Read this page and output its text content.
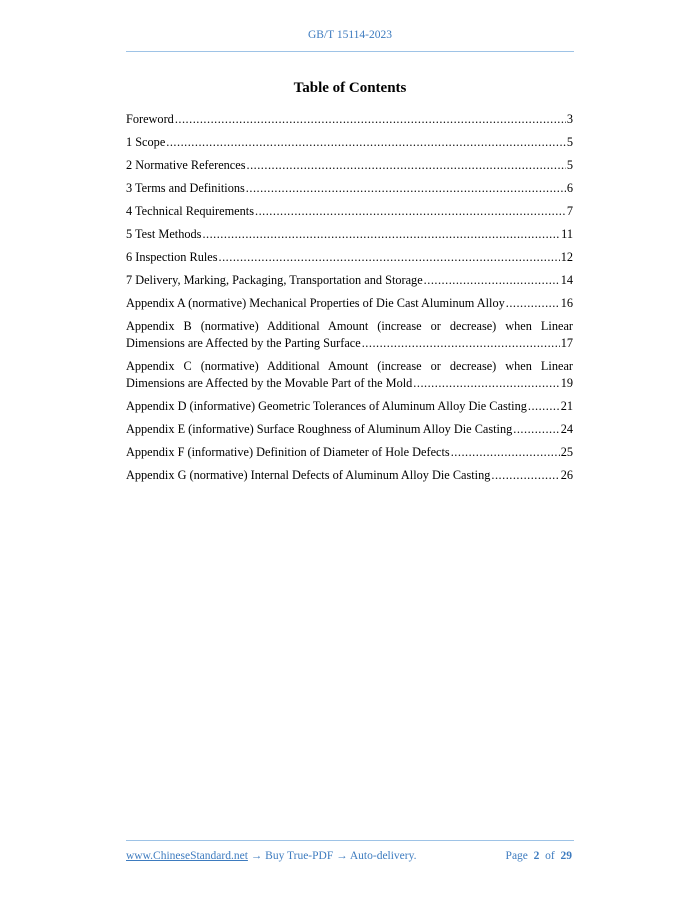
GB/T 15114-2023
Table of Contents
Foreword .....	3
1 Scope .....	5
2 Normative References .....	5
3 Terms and Definitions .....	6
4 Technical Requirements .....	7
5 Test Methods .....	11
6 Inspection Rules .....	12
7 Delivery, Marking, Packaging, Transportation and Storage .....	14
Appendix A (normative) Mechanical Properties of Die Cast Aluminum Alloy .....	16
Appendix B (normative) Additional Amount (increase or decrease) when Linear
Dimensions are Affected by the Parting Surface .....	17
Appendix C (normative) Additional Amount (increase or decrease) when Linear
Dimensions are Affected by the Movable Part of the Mold .....	19
Appendix D (informative) Geometric Tolerances of Aluminum Alloy Die Casting .....	21
Appendix E (informative) Surface Roughness of Aluminum Alloy Die Casting .....	24
Appendix F (informative) Definition of Diameter of Hole Defects .....	25
Appendix G (normative) Internal Defects of Aluminum Alloy Die Casting .....	26
www.ChineseStandard.net → Buy True-PDF → Auto-delivery.	Page 2 of 29
